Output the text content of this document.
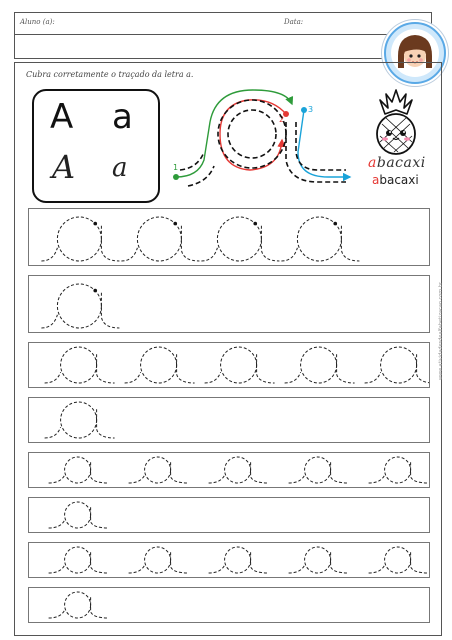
Aluno (a):	Data:
Cubra corretamente o traçado da letra a.
A a
A a	1
2
3
abacaxi
abacaxi
www.atividadesdealfabetizacao.com.br
